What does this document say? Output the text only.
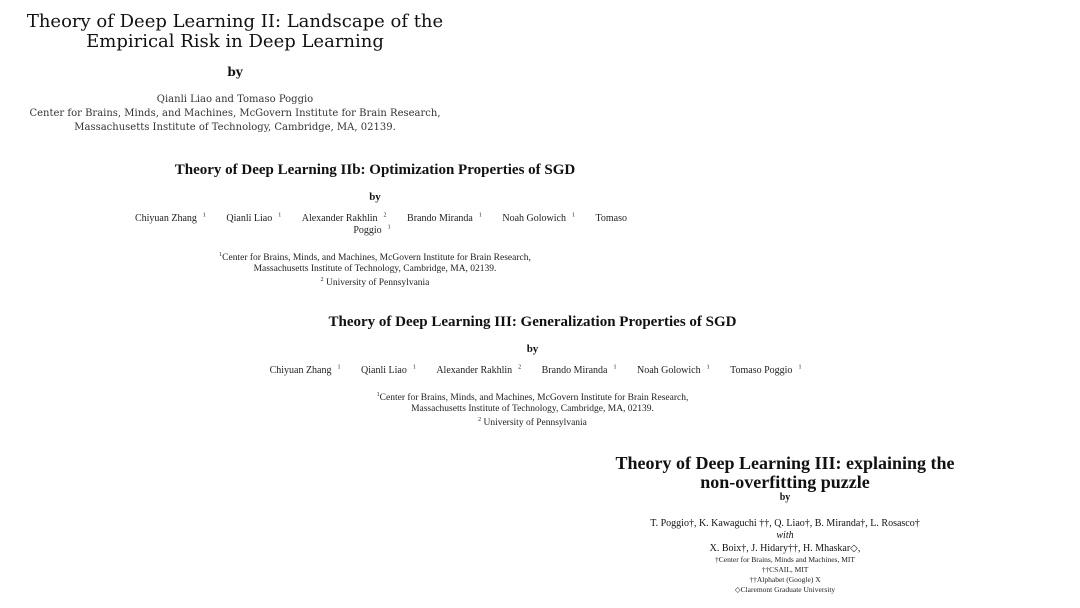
Theory of Deep Learning II: Landscape of the
Empirical Risk in Deep Learning
by
Qianli Liao and Tomaso Poggio
Center for Brains, Minds, and Machines, McGovern Institute for Brain Research,
Massachusetts Institute of Technology, Cambridge, MA, 02139.
Theory of Deep Learning IIb: Optimization Properties of SGD
by
Chiyuan Zhang $^1$ Qianli Liao $^1$ Alexander Rakhlin $^2$ Brando Miranda $^1$ Noah Golowich $^1$ Tomaso Poggio $^1$
$^1$Center for Brains, Minds, and Machines, McGovern Institute for Brain Research,
Massachusetts Institute of Technology, Cambridge, MA, 02139.
$^2$ University of Pennsylvania
Theory of Deep Learning III: Generalization Properties of SGD
by
Chiyuan Zhang $^1$ Qianli Liao $^1$ Alexander Rakhlin $^2$ Brando Miranda $^1$ Noah Golowich $^1$ Tomaso Poggio $^1$
$^1$Center for Brains, Minds, and Machines, McGovern Institute for Brain Research,
Massachusetts Institute of Technology, Cambridge, MA, 02139.
$^2$ University of Pennsylvania
Theory of Deep Learning III: explaining the
non-overfitting puzzle
by
T. Poggio†, K. Kawaguchi ††, Q. Liao†, B. Miranda†, L. Rosasco†
with
X. Boix†, J. Hidary††, H. Mhaskar◇,
†Center for Brains, Minds and Machines, MIT
††CSAIL, MIT
††Alphabet (Google) X
◇Claremont Graduate University
